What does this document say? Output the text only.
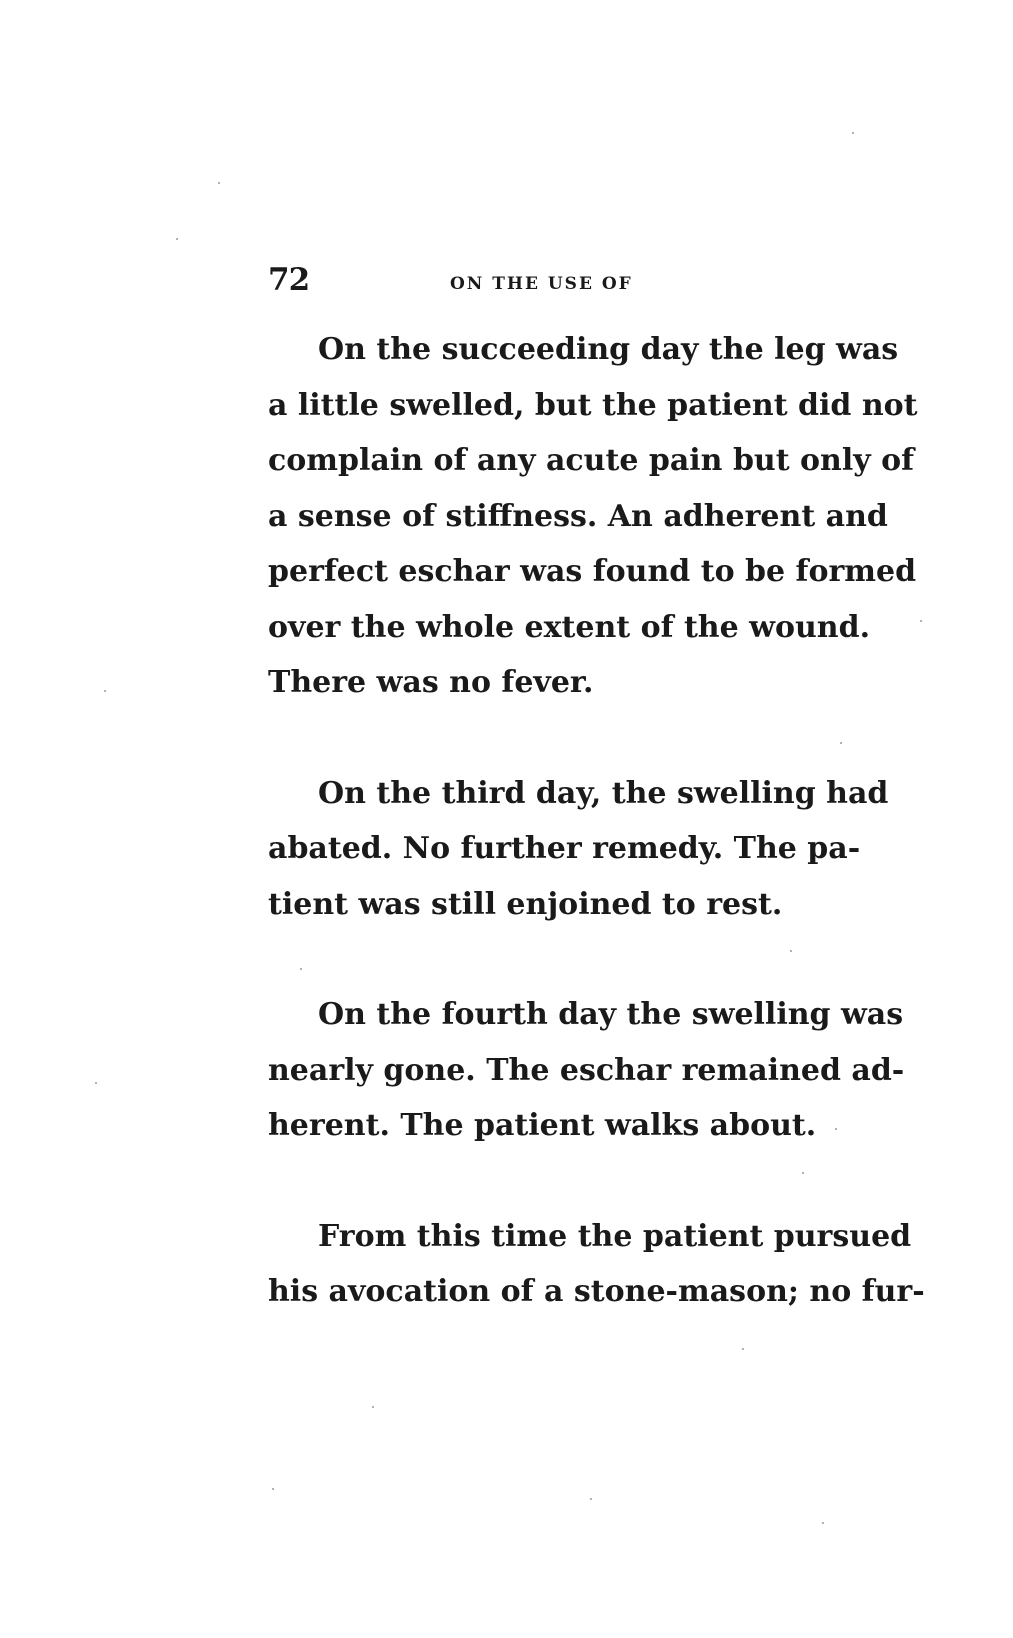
72	ON THE USE OF

On the succeeding day the leg was
a little swelled, but the patient did not
complain of any acute pain but only of
a sense of stiffness. An adherent and
perfect eschar was found to be formed
over the whole extent of the wound.
There was no fever.

On the third day, the swelling had
abated. No further remedy. The pa-
tient was still enjoined to rest.

On the fourth day the swelling was
nearly gone. The eschar remained ad-
herent. The patient walks about.

From this time the patient pursued
his avocation of a stone-mason; no fur-
